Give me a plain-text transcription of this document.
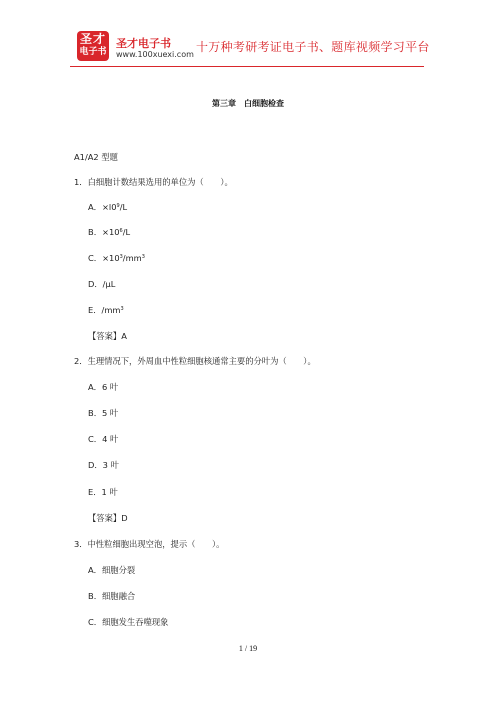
圣才
电子书
圣才电子书
www.100xuexi.com
十万种考研考证电子书、题库视频学习平台
第三章　白细胞检查
A1/A2 型题
1．白细胞计数结果选用的单位为（　　）。
A．$\times l0^9/L$
B．$\times 10^6/L$
C．$\times 10^3/mm^3$
D．/μL
E．$/mm^3$
【答案】A
2．生理情况下，外周血中性粒细胞核通常主要的分叶为（　　）。
A．6 叶
B．5 叶
C．4 叶
D．3 叶
E．1 叶
【答案】D
3．中性粒细胞出现空泡，提示（　　）。
A．细胞分裂
B．细胞融合
C．细胞发生吞噬现象
1 / 19
